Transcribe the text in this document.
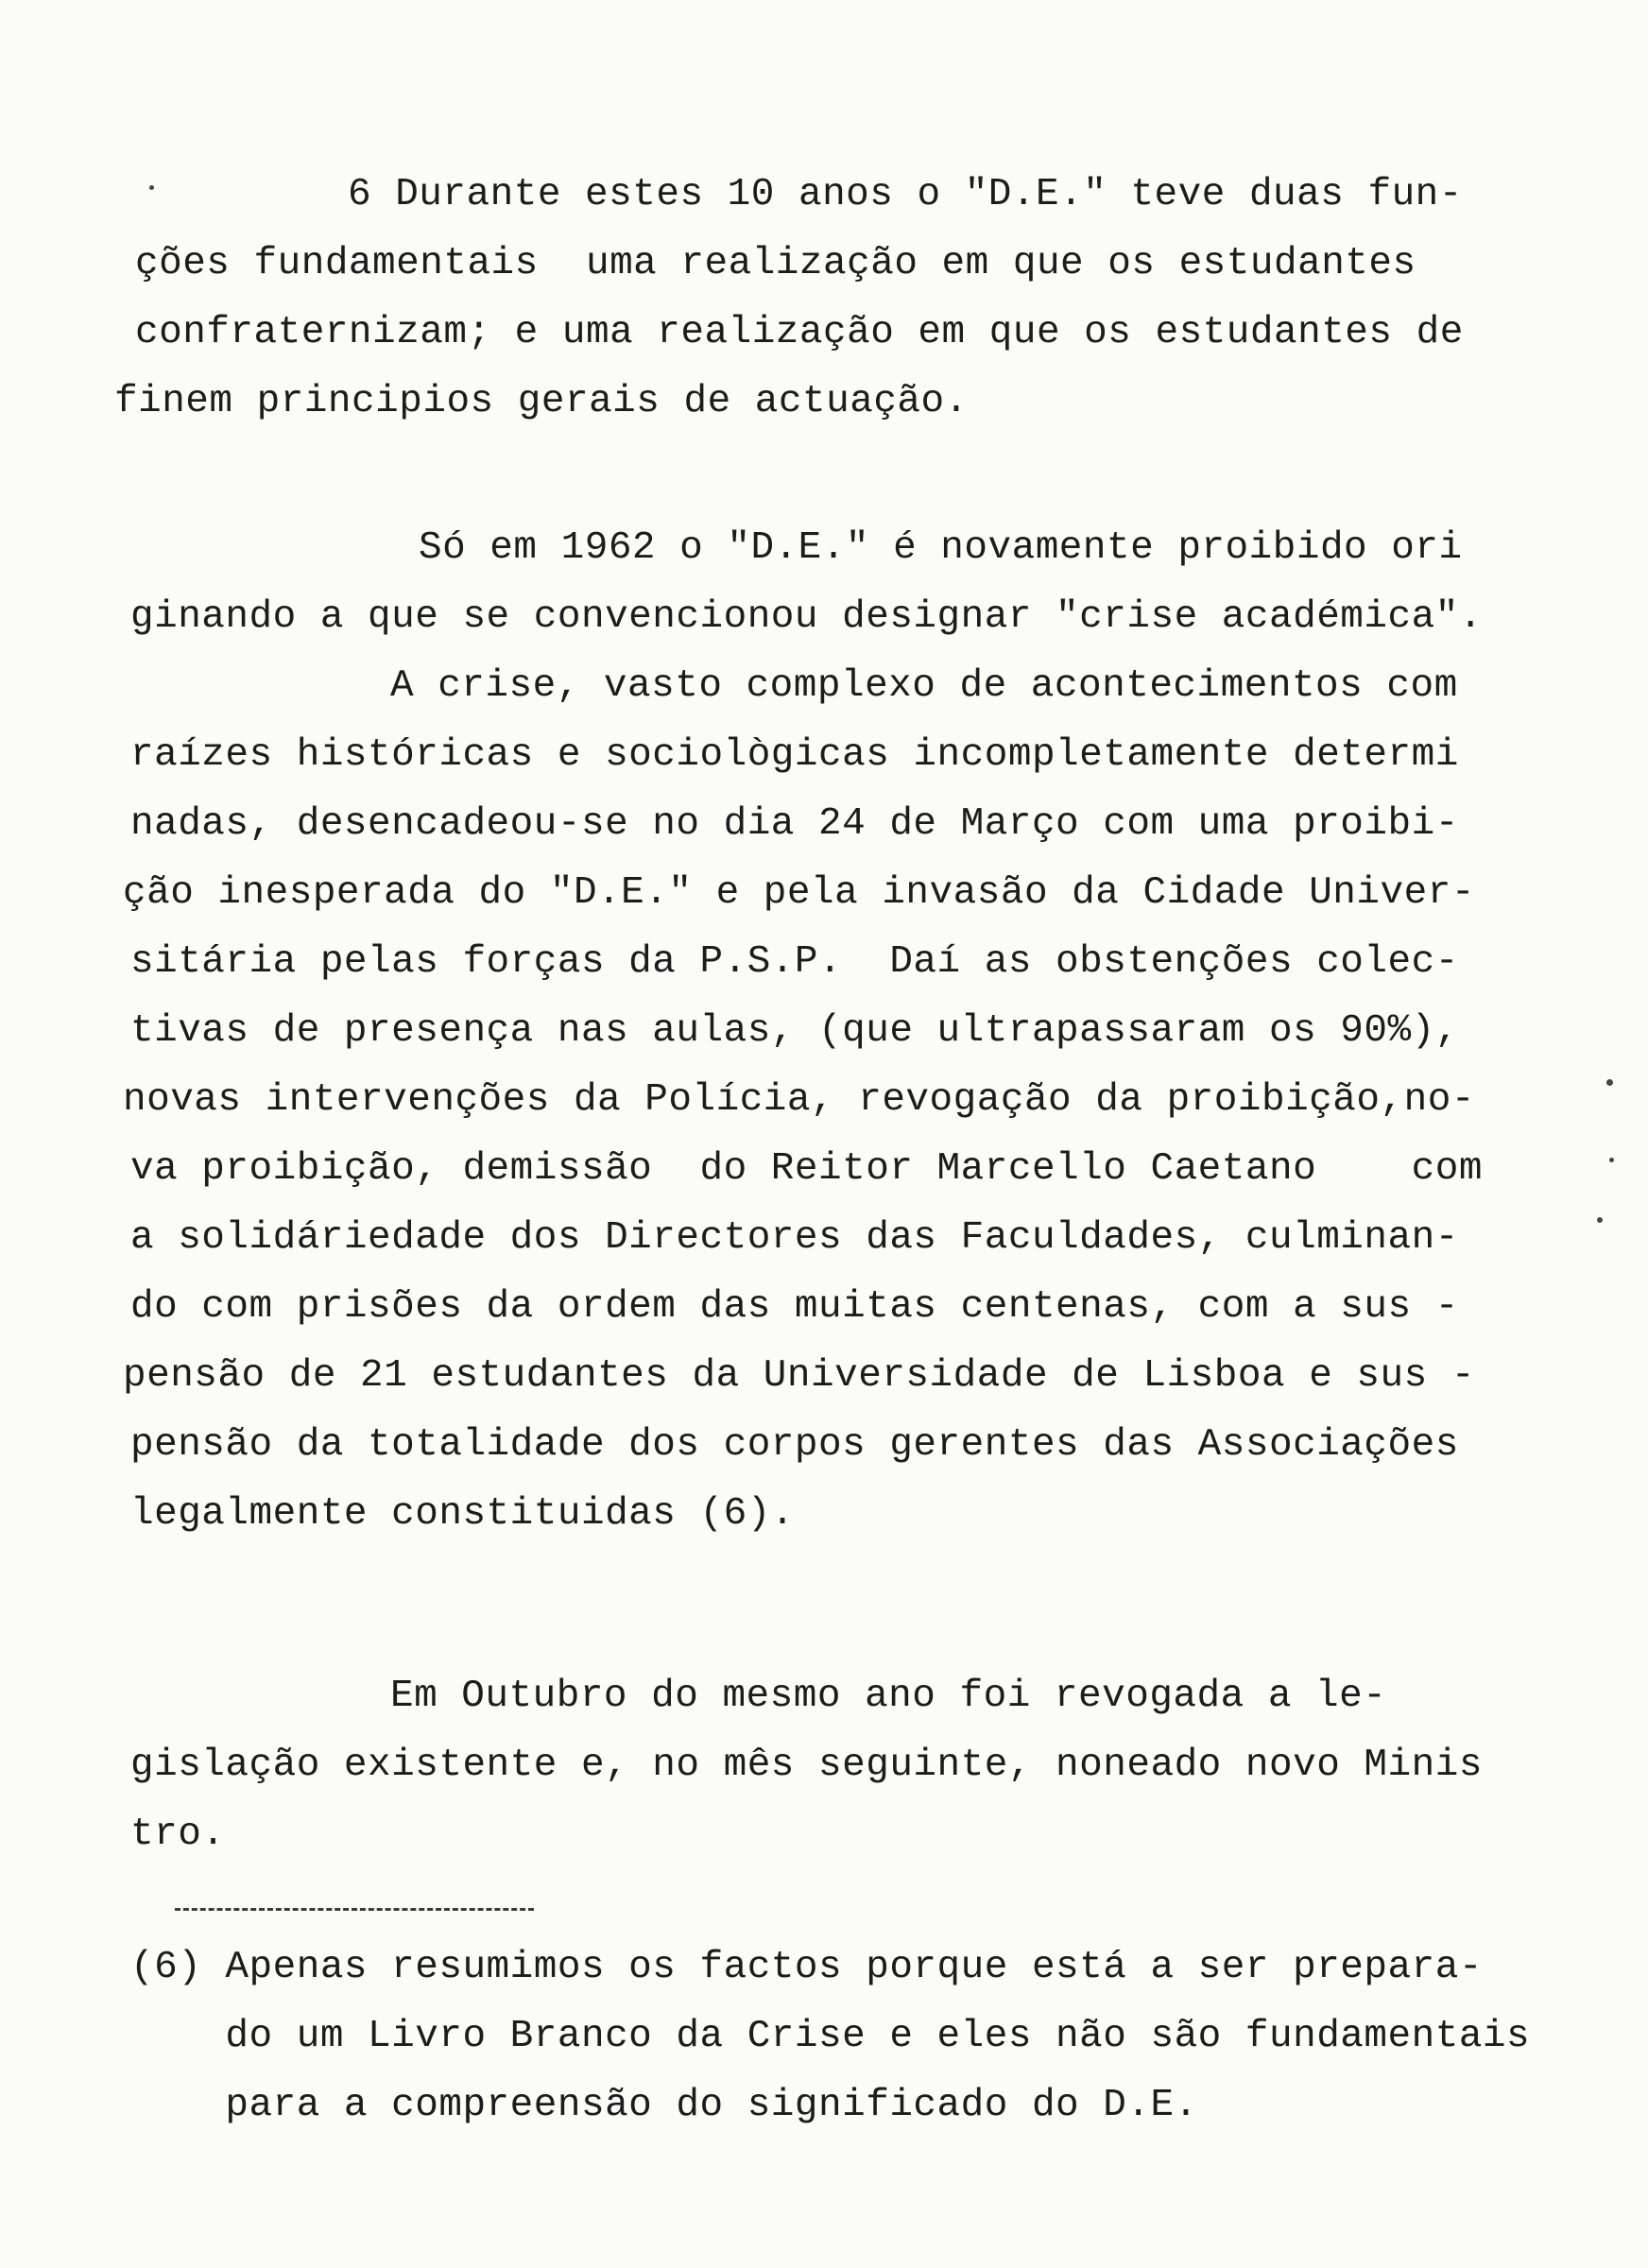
6 Durante estes 10 anos o "D.E." teve duas fun-
ções fundamentais  uma realização em que os estudantes
confraternizam; e uma realização em que os estudantes de
finem principios gerais de actuação.
Só em 1962 o "D.E." é novamente proibido ori
ginando a que se convencionou designar "crise académica".
A crise, vasto complexo de acontecimentos com
raízes históricas e sociològicas incompletamente determi
nadas, desencadeou-se no dia 24 de Março com uma proibi-
ção inesperada do "D.E." e pela invasão da Cidade Univer-
sitária pelas forças da P.S.P.  Daí as obstenções colec-
tivas de presença nas aulas, (que ultrapassaram os 90%),
novas intervenções da Polícia, revogação da proibição,no-
va proibição, demissão  do Reitor Marcello Caetano    com
a solidáriedade dos Directores das Faculdades, culminan-
do com prisões da ordem das muitas centenas, com a sus -
pensão de 21 estudantes da Universidade de Lisboa e sus -
pensão da totalidade dos corpos gerentes das Associações
legalmente constituidas (6).
Em Outubro do mesmo ano foi revogada a le-
gislação existente e, no mês seguinte, noneado novo Minis
tro.
(6) Apenas resumimos os factos porque está a ser prepara-
do um Livro Branco da Crise e eles não são fundamentais
para a compreensão do significado do D.E.
